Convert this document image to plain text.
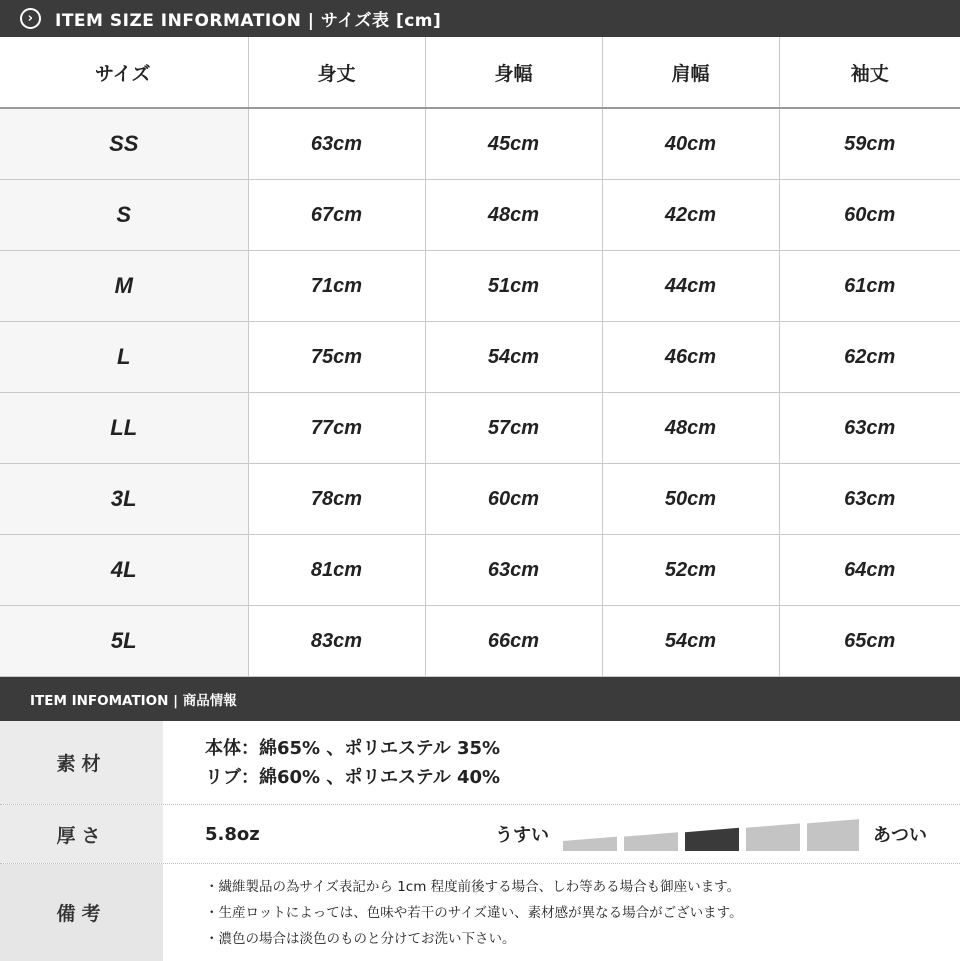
›	ITEM SIZE INFORMATION | サイズ表 [cm]
サイズ	身丈	身幅	肩幅	袖丈
SS	63cm	45cm	40cm	59cm
S	67cm	48cm	42cm	60cm
M	71cm	51cm	44cm	61cm
L	75cm	54cm	46cm	62cm
LL	77cm	57cm	48cm	63cm
3L	78cm	60cm	50cm	63cm
4L	81cm	63cm	52cm	64cm
5L	83cm	66cm	54cm	65cm
ITEM INFOMATION | 商品情報
素材
本体：綿65% 、ポリエステル 35%
リブ：綿60% 、ポリエステル 40%
厚さ	5.8oz	うすい	あつい
備考
・繊維製品の為サイズ表記から 1cm 程度前後する場合、しわ等ある場合も御座います。
・生産ロットによっては、色味や若干のサイズ違い、素材感が異なる場合がございます。
・濃色の場合は淡色のものと分けてお洗い下さい。
